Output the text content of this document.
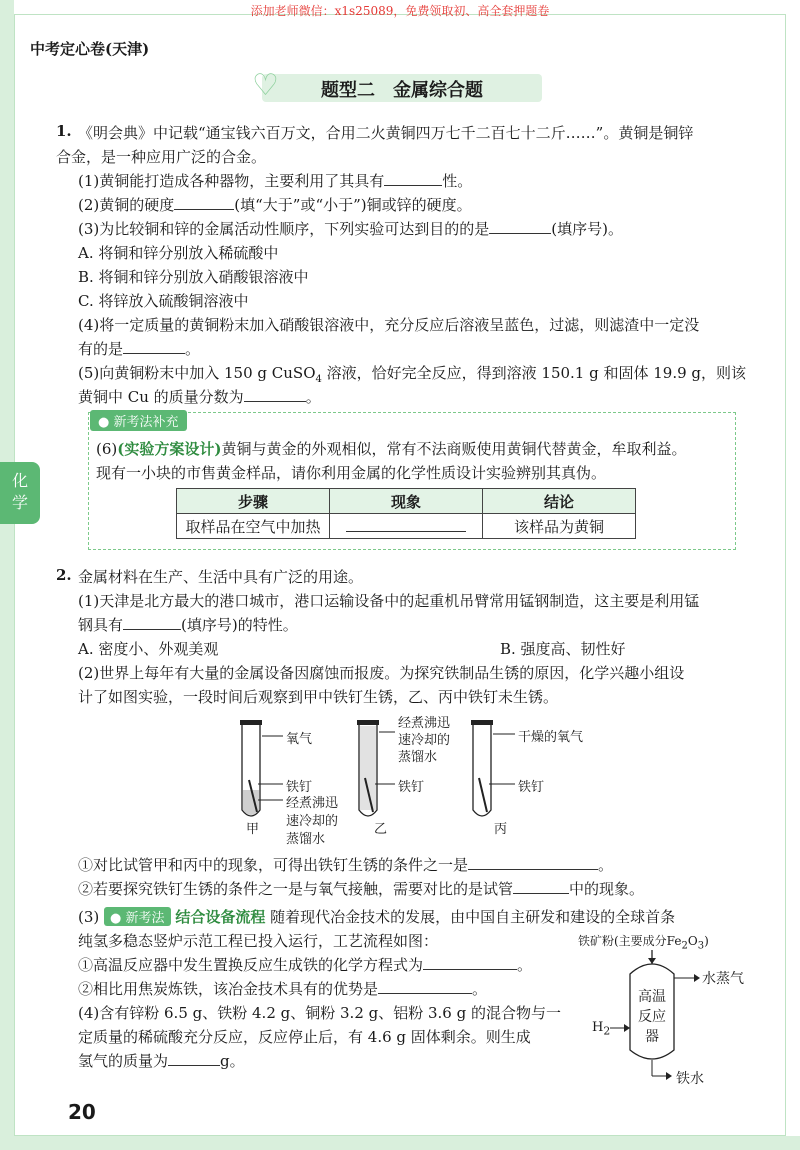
添加老师微信：x1s25089，免费领取初、高全套押题卷
中考定心卷(天津)
♡	题型二　金属综合题
化
学
1. 《明会典》中记载“通宝钱六百万文，合用二火黄铜四万七千二百七十二斤……”。黄铜是铜锌
合金，是一种应用广泛的合金。
(1)黄铜能打造成各种器物，主要利用了其具有	性。
(2)黄铜的硬度	(填“大于”或“小于”)铜或锌的硬度。
(3)为比较铜和锌的金属活动性顺序，下列实验可达到目的的是	(填序号)。
A. 将铜和锌分别放入稀硫酸中
B. 将铜和锌分别放入硝酸银溶液中
C. 将锌放入硫酸铜溶液中
(4)将一定质量的黄铜粉末加入硝酸银溶液中，充分反应后溶液呈蓝色，过滤，则滤渣中一定没
有的是	。
(5)向黄铜粉末中加入 150 g CuSO$_4$ 溶液，恰好完全反应，得到溶液 150.1 g 和固体 19.9 g，则该
黄铜中 Cu 的质量分数为	。
● 新考法补充
(6)(实验方案设计)黄铜与黄金的外观相似，常有不法商贩使用黄铜代替黄金，牟取利益。
现有一小块的市售黄金样品，请你利用金属的化学性质设计实验辨别其真伪。
步骤	现象	结论
取样品在空气中加热		该样品为黄铜
2. 金属材料在生产、生活中具有广泛的用途。
(1)天津是北方最大的港口城市，港口运输设备中的起重机吊臂常用锰钢制造，这主要是利用锰
钢具有	(填序号)的特性。
A. 密度小、外观美观	B. 强度高、韧性好
(2)世界上每年有大量的金属设备因腐蚀而报废。为探究铁制品生锈的原因，化学兴趣小组设
计了如图实验，一段时间后观察到甲中铁钉生锈，乙、丙中铁钉未生锈。
氧气
铁钉
经煮沸迅
速冷却的
蒸馏水
甲
经煮沸迅
速冷却的
蒸馏水
铁钉
乙
干燥的氧气
铁钉
丙
①对比试管甲和丙中的现象，可得出铁钉生锈的条件之一是	。
②若要探究铁钉生锈的条件之一是与氧气接触，需要对比的是试管	中的现象。
(3) ● 新考法 结合设备流程 随着现代冶金技术的发展，由中国自主研发和建设的全球首条
纯氢多稳态竖炉示范工程已投入运行，工艺流程如图：
①高温反应器中发生置换反应生成铁的化学方程式为	。
②相比用焦炭炼铁，该冶金技术具有的优势是	。
(4)含有锌粉 6.5 g、铁粉 4.2 g、铜粉 3.2 g、铝粉 3.6 g 的混合物与一
定质量的稀硫酸充分反应，反应停止后，有 4.6 g 固体剩余。则生成
氢气的质量为	g。
铁矿粉(主要成分$Fe_2O_3$)
水蒸气
高温
反应
器
$H_2$
铁水
20
